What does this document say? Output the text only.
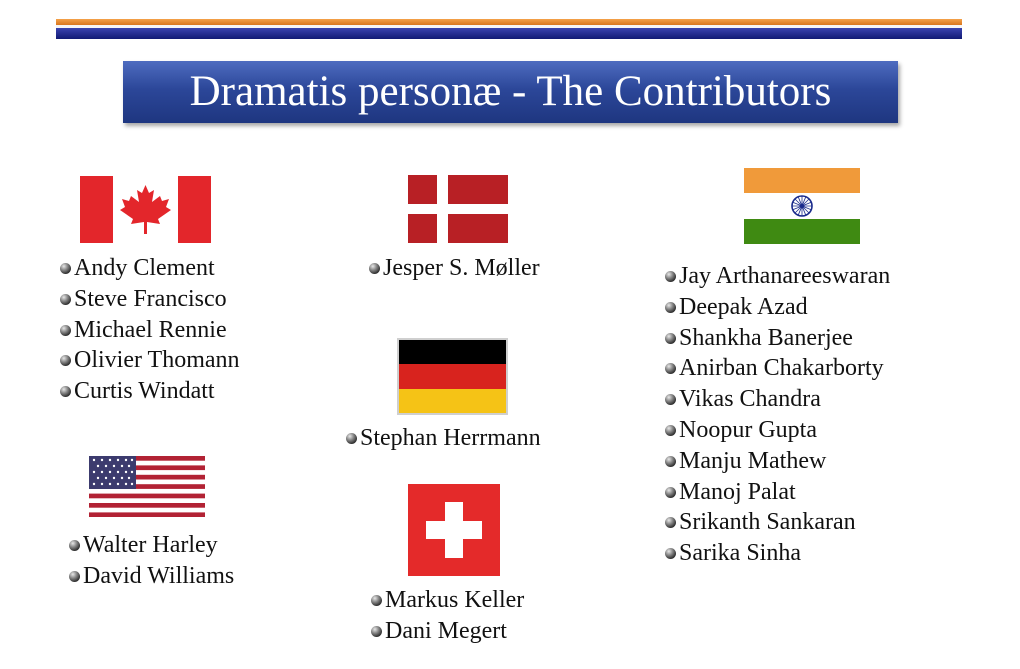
Dramatis personæ - The Contributors
Andy Clement
Steve Francisco
Michael Rennie
Olivier Thomann
Curtis Windatt
Walter Harley
David Williams
Jesper S. Møller
Stephan Herrmann
Markus Keller
Dani Megert
Jay Arthanareeswaran
Deepak Azad
Shankha Banerjee
Anirban Chakarborty
Vikas Chandra
Noopur Gupta
Manju Mathew
Manoj Palat
Srikanth Sankaran
Sarika Sinha
